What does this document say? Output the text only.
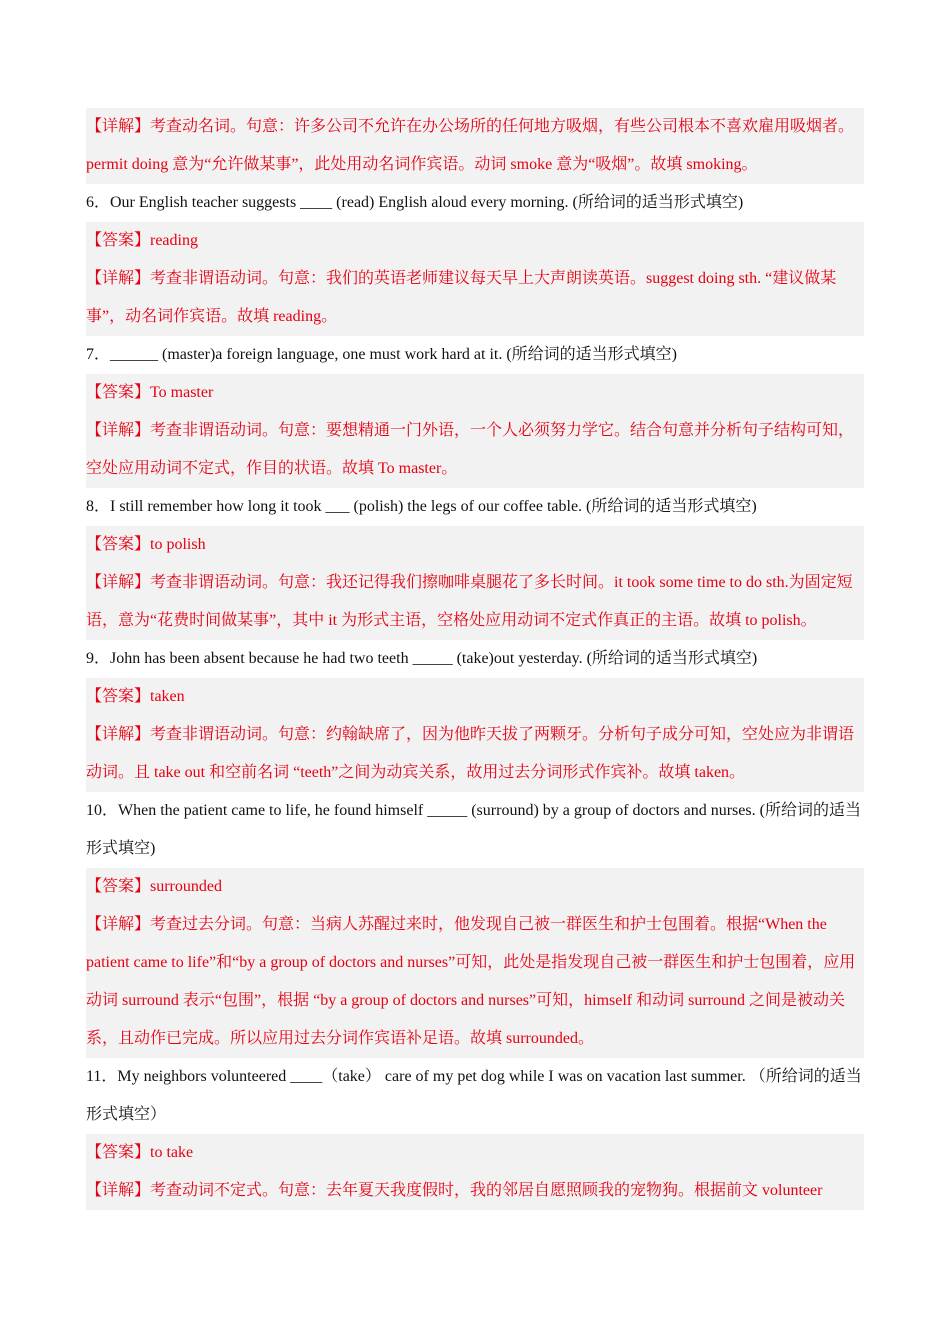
【详解】考查动名词。句意：许多公司不允许在办公场所的任何地方吸烟，有些公司根本不喜欢雇用吸烟者。permit doing 意为“允许做某事”，此处用动名词作宾语。动词 smoke 意为“吸烟”。故填 smoking。

6．Our English teacher suggests ____ (read) English aloud every morning. (所给词的适当形式填空)

【答案】reading

【详解】考查非谓语动词。句意：我们的英语老师建议每天早上大声朗读英语。suggest doing sth. “建议做某事”，动名词作宾语。故填 reading。

7．______ (master)a foreign language, one must work hard at it. (所给词的适当形式填空)

【答案】To master

【详解】考查非谓语动词。句意：要想精通一门外语，一个人必须努力学它。结合句意并分析句子结构可知，空处应用动词不定式，作目的状语。故填 To master。

8．I still remember how long it took ___ (polish) the legs of our coffee table. (所给词的适当形式填空)

【答案】to polish

【详解】考查非谓语动词。句意：我还记得我们擦咖啡桌腿花了多长时间。it took some time to do sth.为固定短语，意为“花费时间做某事”，其中 it 为形式主语，空格处应用动词不定式作真正的主语。故填 to polish。

9．John has been absent because he had two teeth _____ (take)out yesterday. (所给词的适当形式填空)

【答案】taken

【详解】考查非谓语动词。句意：约翰缺席了，因为他昨天拔了两颗牙。分析句子成分可知，空处应为非谓语动词。且 take out 和空前名词 “teeth”之间为动宾关系，故用过去分词形式作宾补。故填 taken。

10．When the patient came to life, he found himself _____ (surround) by a group of doctors and nurses. (所给词的适当形式填空)

【答案】surrounded

【详解】考查过去分词。句意：当病人苏醒过来时，他发现自己被一群医生和护士包围着。根据“When the patient came to life”和“by a group of doctors and nurses”可知，此处是指发现自己被一群医生和护士包围着，应用动词 surround 表示“包围”，根据 “by a group of doctors and nurses”可知，himself 和动词 surround 之间是被动关系，且动作已完成。所以应用过去分词作宾语补足语。故填 surrounded。

11．My neighbors volunteered ____（take） care of my pet dog while I was on vacation last summer. （所给词的适当形式填空）

【答案】to take

【详解】考查动词不定式。句意：去年夏天我度假时，我的邻居自愿照顾我的宠物狗。根据前文 volunteer
